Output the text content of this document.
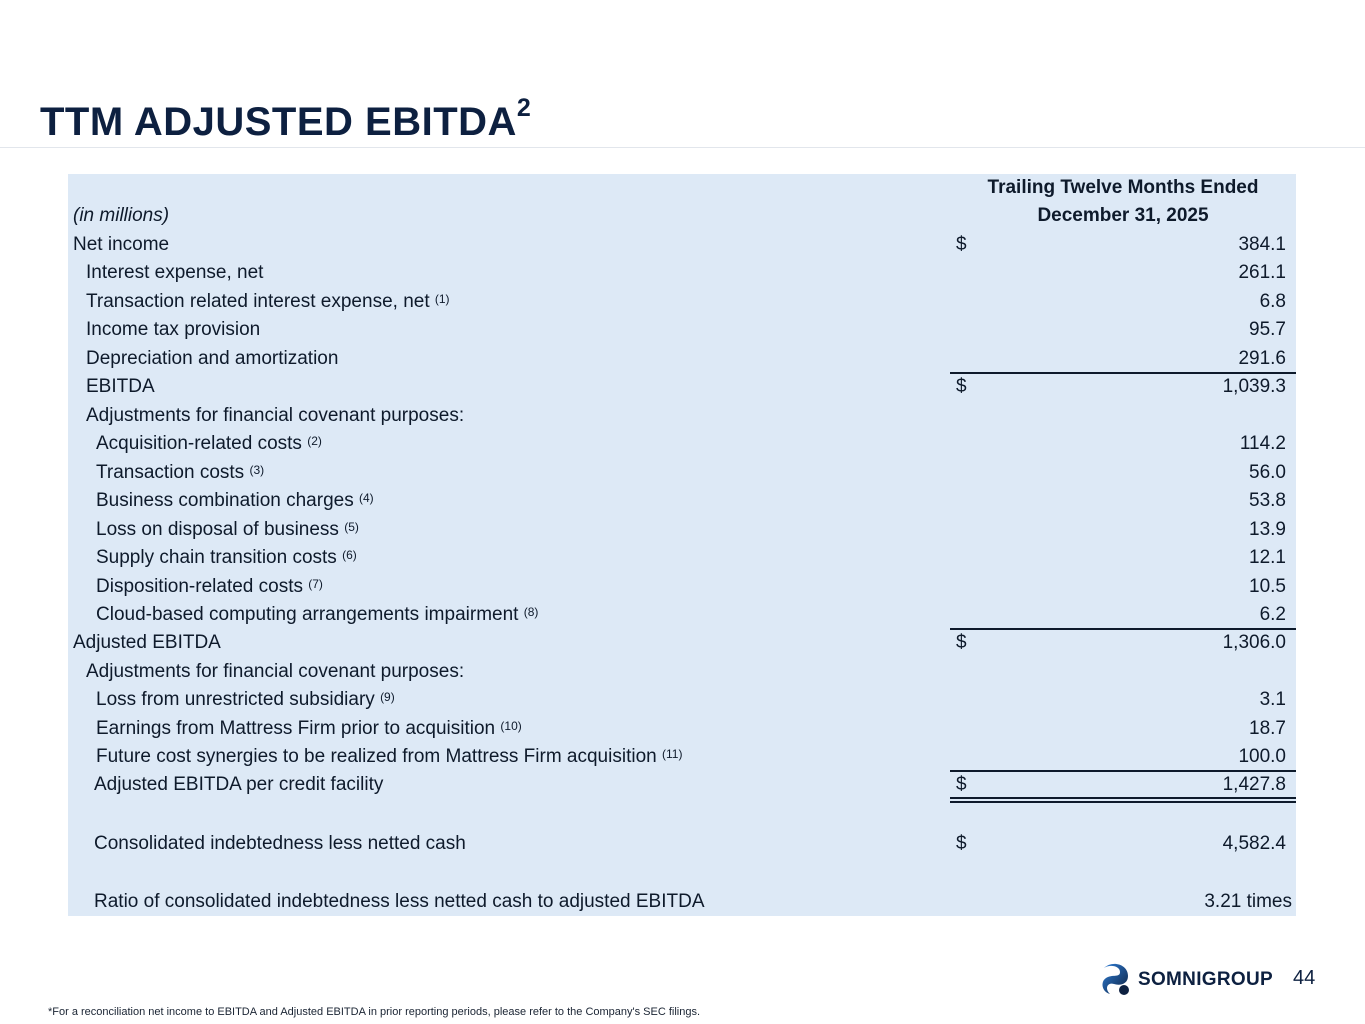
TTM ADJUSTED EBITDA$^2$
Trailing Twelve Months Ended
(in millions)	December 31, 2025
Net income	$	384.1
Interest expense, net	261.1
Transaction related interest expense, net $^{(1)}$	6.8
Income tax provision	95.7
Depreciation and amortization	291.6
EBITDA	$	1,039.3
Adjustments for financial covenant purposes:
Acquisition-related costs $^{(2)}$	114.2
Transaction costs $^{(3)}$	56.0
Business combination charges $^{(4)}$	53.8
Loss on disposal of business $^{(5)}$	13.9
Supply chain transition costs $^{(6)}$	12.1
Disposition-related costs $^{(7)}$	10.5
Cloud-based computing arrangements impairment $^{(8)}$	6.2
Adjusted EBITDA	$	1,306.0
Adjustments for financial covenant purposes:
Loss from unrestricted subsidiary $^{(9)}$	3.1
Earnings from Mattress Firm prior to acquisition $^{(10)}$	18.7
Future cost synergies to be realized from Mattress Firm acquisition $^{(11)}$	100.0
Adjusted EBITDA per credit facility	$	1,427.8
Consolidated indebtedness less netted cash	$	4,582.4
Ratio of consolidated indebtedness less netted cash to adjusted EBITDA	3.21 times
SOMNIGROUP 44
*For a reconciliation net income to EBITDA and Adjusted EBITDA in prior reporting periods, please refer to the Company's SEC filings.
